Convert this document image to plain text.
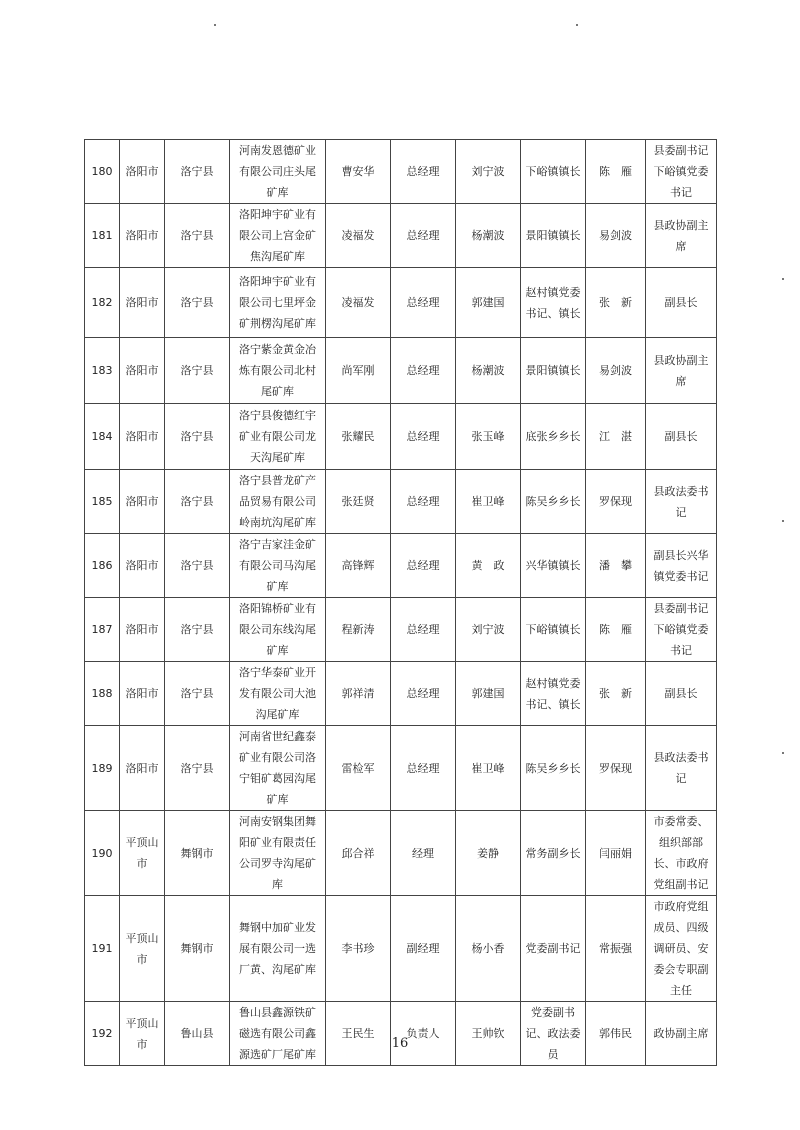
180	洛阳市	洛宁县	河南发恩德矿业有限公司庄头尾矿库	曹安华	总经理	刘宁波	下峪镇镇长	陈　雁	县委副书记下峪镇党委书记
181	洛阳市	洛宁县	洛阳坤宇矿业有限公司上宫金矿焦沟尾矿库	凌福发	总经理	杨潮波	景阳镇镇长	易剑波	县政协副主席
182	洛阳市	洛宁县	洛阳坤宇矿业有限公司七里坪金矿荆楞沟尾矿库	凌福发	总经理	郭建国	赵村镇党委书记、镇长	张　新	副县长
183	洛阳市	洛宁县	洛宁紫金黄金冶炼有限公司北村尾矿库	尚军刚	总经理	杨潮波	景阳镇镇长	易剑波	县政协副主席
184	洛阳市	洛宁县	洛宁县俊德红宇矿业有限公司龙天沟尾矿库	张耀民	总经理	张玉峰	底张乡乡长	江　湛	副县长
185	洛阳市	洛宁县	洛宁县普龙矿产品贸易有限公司岭南坑沟尾矿库	张廷贤	总经理	崔卫峰	陈吴乡乡长	罗保现	县政法委书记
186	洛阳市	洛宁县	洛宁吉家洼金矿有限公司马沟尾矿库	高锋辉	总经理	黄　政	兴华镇镇长	潘　攀	副县长兴华镇党委书记
187	洛阳市	洛宁县	洛阳锦桥矿业有限公司东线沟尾矿库	程新涛	总经理	刘宁波	下峪镇镇长	陈　雁	县委副书记下峪镇党委书记
188	洛阳市	洛宁县	洛宁华泰矿业开发有限公司大池沟尾矿库	郭祥清	总经理	郭建国	赵村镇党委书记、镇长	张　新	副县长
189	洛阳市	洛宁县	河南省世纪鑫泰矿业有限公司洛宁钼矿葛园沟尾矿库	雷检军	总经理	崔卫峰	陈吴乡乡长	罗保现	县政法委书记
190	平顶山市	舞钢市	河南安钢集团舞阳矿业有限责任公司罗寺沟尾矿库	邱合祥	经理	姜静	常务副乡长	闫丽娟	市委常委、组织部部长、市政府党组副书记
191	平顶山市	舞钢市	舞钢中加矿业发展有限公司一选厂黄、沟尾矿库	李书珍	副经理	杨小香	党委副书记	常振强	市政府党组成员、四级调研员、安委会专职副主任
192	平顶山市	鲁山县	鲁山县鑫源铁矿磁选有限公司鑫源选矿厂尾矿库	王民生	负责人	王帅钦	党委副书记、政法委员	郭伟民	政协副主席
16
